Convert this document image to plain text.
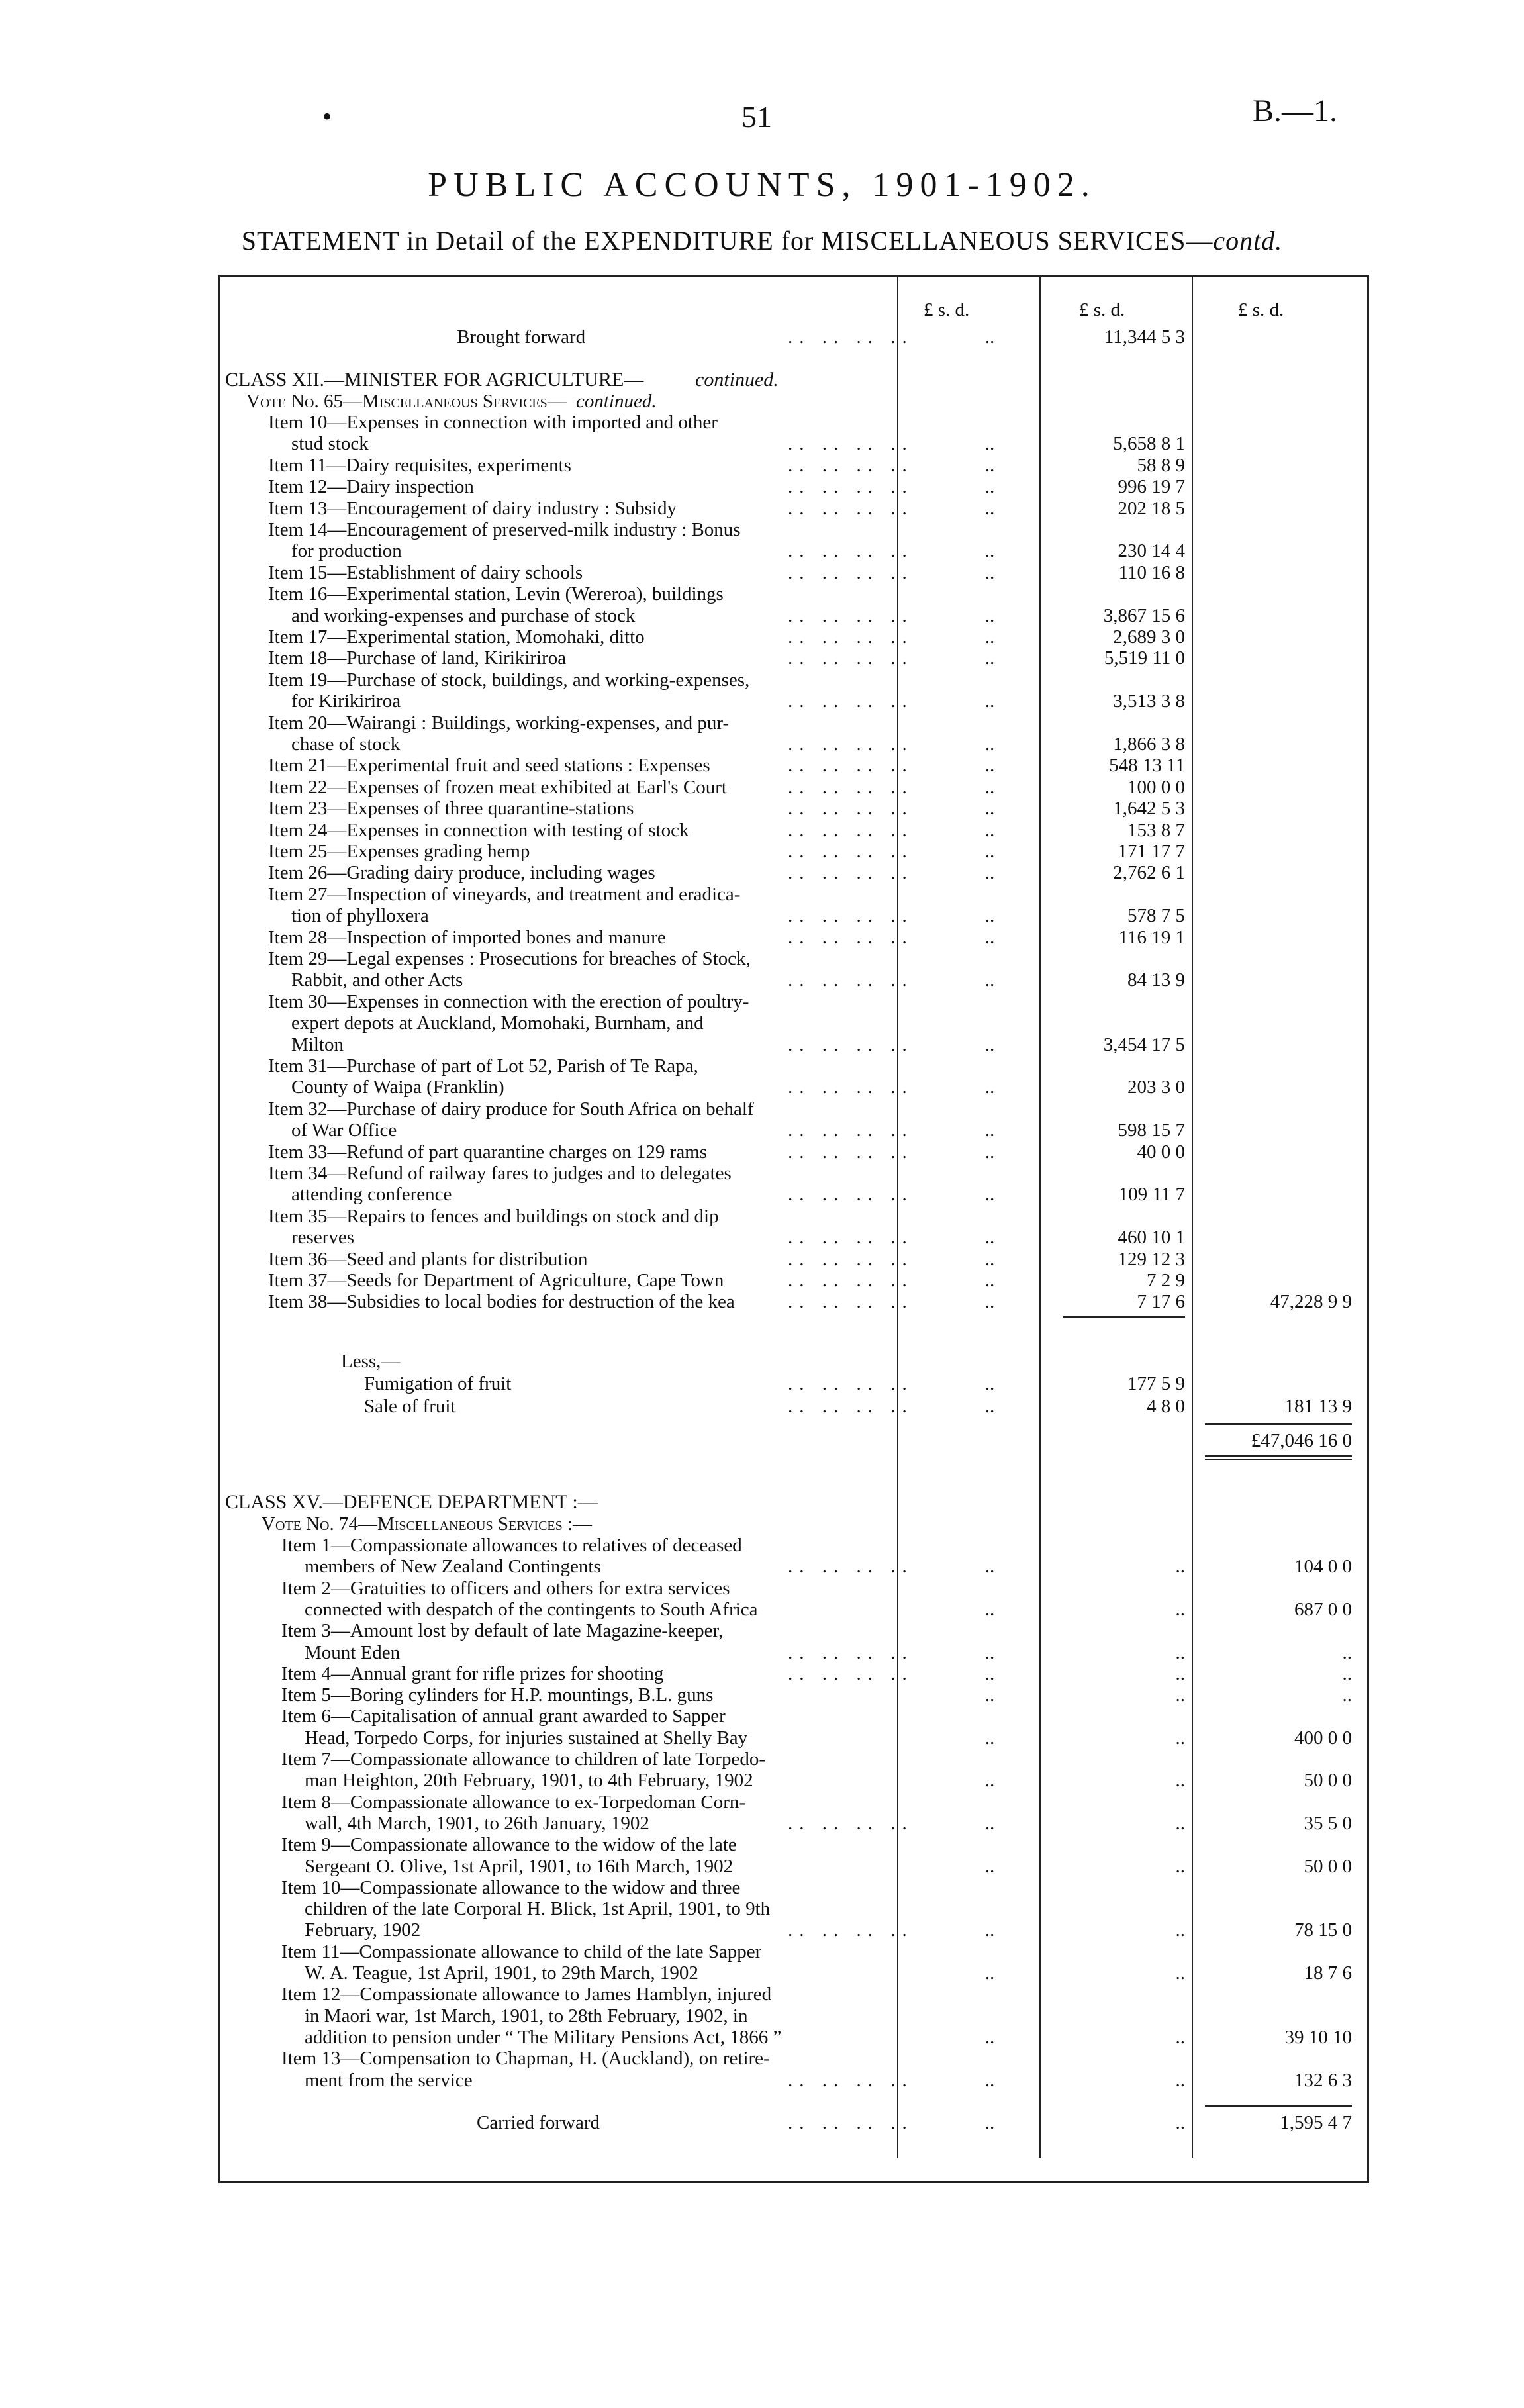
•	51	B.—1.
PUBLIC ACCOUNTS, 1901-1902.
STATEMENT in Detail of the EXPENDITURE for MISCELLANEOUS SERVICES—contd.
£ s. d.	£ s. d.	£ s. d.
Brought forward	.. .. .. ..	..	11,344 5 3
CLASS XII.—MINISTER FOR AGRICULTURE—	continued.
Vote No. 65—Miscellaneous Services— continued.
Item 10—Expenses in connection with imported and other
stud stock	.. .. .. ..	..	5,658 8 1
Item 11—Dairy requisites, experiments	.. .. .. ..	..	58 8 9
Item 12—Dairy inspection	.. .. .. ..	..	996 19 7
Item 13—Encouragement of dairy industry : Subsidy	.. .. .. ..	..	202 18 5
Item 14—Encouragement of preserved-milk industry : Bonus
for production	.. .. .. ..	..	230 14 4
Item 15—Establishment of dairy schools	.. .. .. ..	..	110 16 8
Item 16—Experimental station, Levin (Wereroa), buildings
and working-expenses and purchase of stock	.. .. .. ..	..	3,867 15 6
Item 17—Experimental station, Momohaki, ditto	.. .. .. ..	..	2,689 3 0
Item 18—Purchase of land, Kirikiriroa	.. .. .. ..	..	5,519 11 0
Item 19—Purchase of stock, buildings, and working-expenses,
for Kirikiriroa	.. .. .. ..	..	3,513 3 8
Item 20—Wairangi : Buildings, working-expenses, and pur-
chase of stock	.. .. .. ..	..	1,866 3 8
Item 21—Experimental fruit and seed stations : Expenses	.. .. .. ..	..	548 13 11
Item 22—Expenses of frozen meat exhibited at Earl's Court	.. .. .. ..	..	100 0 0
Item 23—Expenses of three quarantine-stations	.. .. .. ..	..	1,642 5 3
Item 24—Expenses in connection with testing of stock	.. .. .. ..	..	153 8 7
Item 25—Expenses grading hemp	.. .. .. ..	..	171 17 7
Item 26—Grading dairy produce, including wages	.. .. .. ..	..	2,762 6 1
Item 27—Inspection of vineyards, and treatment and eradica-
tion of phylloxera	.. .. .. ..	..	578 7 5
Item 28—Inspection of imported bones and manure	.. .. .. ..	..	116 19 1
Item 29—Legal expenses : Prosecutions for breaches of Stock,
Rabbit, and other Acts	.. .. .. ..	..	84 13 9
Item 30—Expenses in connection with the erection of poultry-
expert depots at Auckland, Momohaki, Burnham, and
Milton	.. .. .. ..	..	3,454 17 5
Item 31—Purchase of part of Lot 52, Parish of Te Rapa,
County of Waipa (Franklin)	.. .. .. ..	..	203 3 0
Item 32—Purchase of dairy produce for South Africa on behalf
of War Office	.. .. .. ..	..	598 15 7
Item 33—Refund of part quarantine charges on 129 rams	.. .. .. ..	..	40 0 0
Item 34—Refund of railway fares to judges and to delegates
attending conference	.. .. .. ..	..	109 11 7
Item 35—Repairs to fences and buildings on stock and dip
reserves	.. .. .. ..	..	460 10 1
Item 36—Seed and plants for distribution	.. .. .. ..	..	129 12 3
Item 37—Seeds for Department of Agriculture, Cape Town	.. .. .. ..	..	7 2 9
Item 38—Subsidies to local bodies for destruction of the kea	.. .. .. ..	..	7 17 6	47,228 9 9
Less,—
Fumigation of fruit	.. .. .. ..	..	177 5 9
Sale of fruit	.. .. .. ..	..	4 8 0	181 13 9
£47,046 16 0
CLASS XV.—DEFENCE DEPARTMENT :—
Vote No. 74—Miscellaneous Services :—
Item 1—Compassionate allowances to relatives of deceased
members of New Zealand Contingents	.. .. .. ..	..	..	104 0 0
Item 2—Gratuities to officers and others for extra services
connected with despatch of the contingents to South Africa	..	..	687 0 0
Item 3—Amount lost by default of late Magazine-keeper,
Mount Eden	.. .. .. ..	..	..	..
Item 4—Annual grant for rifle prizes for shooting	.. .. .. ..	..	..	..
Item 5—Boring cylinders for H.P. mountings, B.L. guns	..	..	..
Item 6—Capitalisation of annual grant awarded to Sapper
Head, Torpedo Corps, for injuries sustained at Shelly Bay	..	..	400 0 0
Item 7—Compassionate allowance to children of late Torpedo-
man Heighton, 20th February, 1901, to 4th February, 1902	..	..	50 0 0
Item 8—Compassionate allowance to ex-Torpedoman Corn-
wall, 4th March, 1901, to 26th January, 1902	.. .. .. ..	..	..	35 5 0
Item 9—Compassionate allowance to the widow of the late
Sergeant O. Olive, 1st April, 1901, to 16th March, 1902	..	..	50 0 0
Item 10—Compassionate allowance to the widow and three
children of the late Corporal H. Blick, 1st April, 1901, to 9th
February, 1902	.. .. .. ..	..	..	78 15 0
Item 11—Compassionate allowance to child of the late Sapper
W. A. Teague, 1st April, 1901, to 29th March, 1902	..	..	18 7 6
Item 12—Compassionate allowance to James Hamblyn, injured
in Maori war, 1st March, 1901, to 28th February, 1902, in
addition to pension under “ The Military Pensions Act, 1866 ”	..	..	39 10 10
Item 13—Compensation to Chapman, H. (Auckland), on retire-
ment from the service	.. .. .. ..	..	..	132 6 3
Carried forward	.. .. .. ..	..	..	1,595 4 7
